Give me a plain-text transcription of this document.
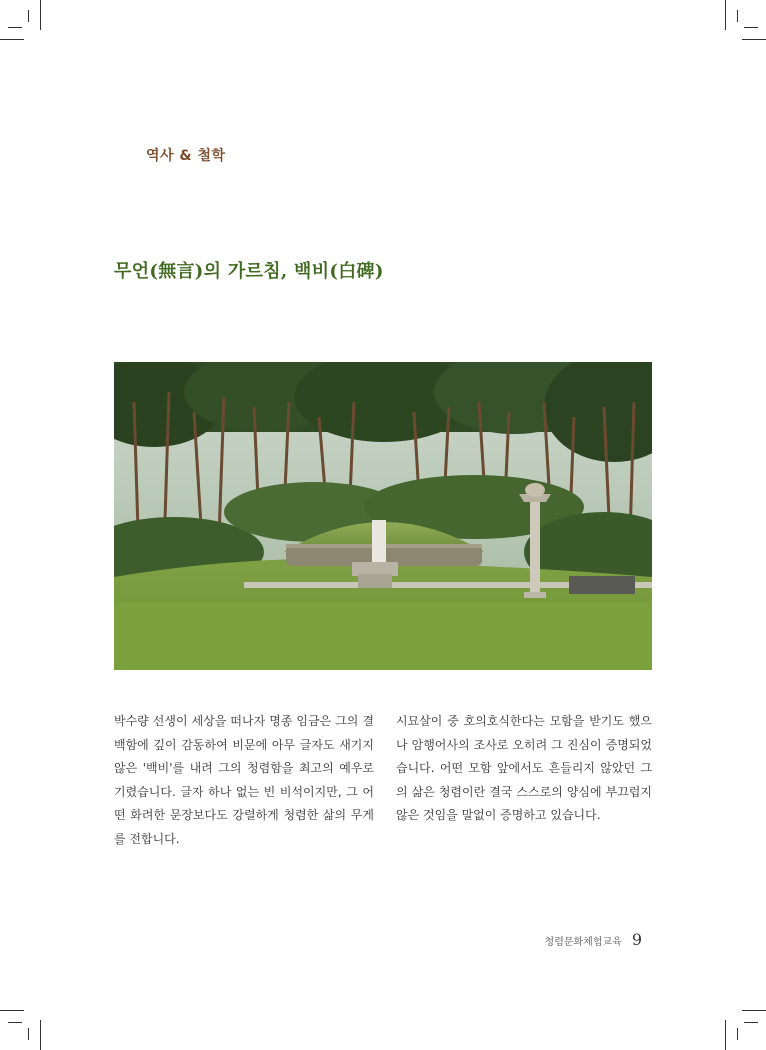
역사 & 철학
무언(無言)의 가르침, 백비(白碑)
박수량 선생이 세상을 떠나자 명종 임금은 그의 결백함에 깊이 감동하여 비문에 아무 글자도 새기지 않은 '백비'를 내려 그의 청렴함을 최고의 예우로 기렸습니다. 글자 하나 없는 빈 비석이지만, 그 어떤 화려한 문장보다도 강렬하게 청렴한 삶의 무게를 전합니다.
시묘살이 중 호의호식한다는 모함을 받기도 했으나 암행어사의 조사로 오히려 그 진심이 증명되었습니다. 어떤 모함 앞에서도 흔들리지 않았던 그의 삶은 청렴이란 결국 스스로의 양심에 부끄럽지 않은 것임을 말없이 증명하고 있습니다.
청렴문화체험교육 9
